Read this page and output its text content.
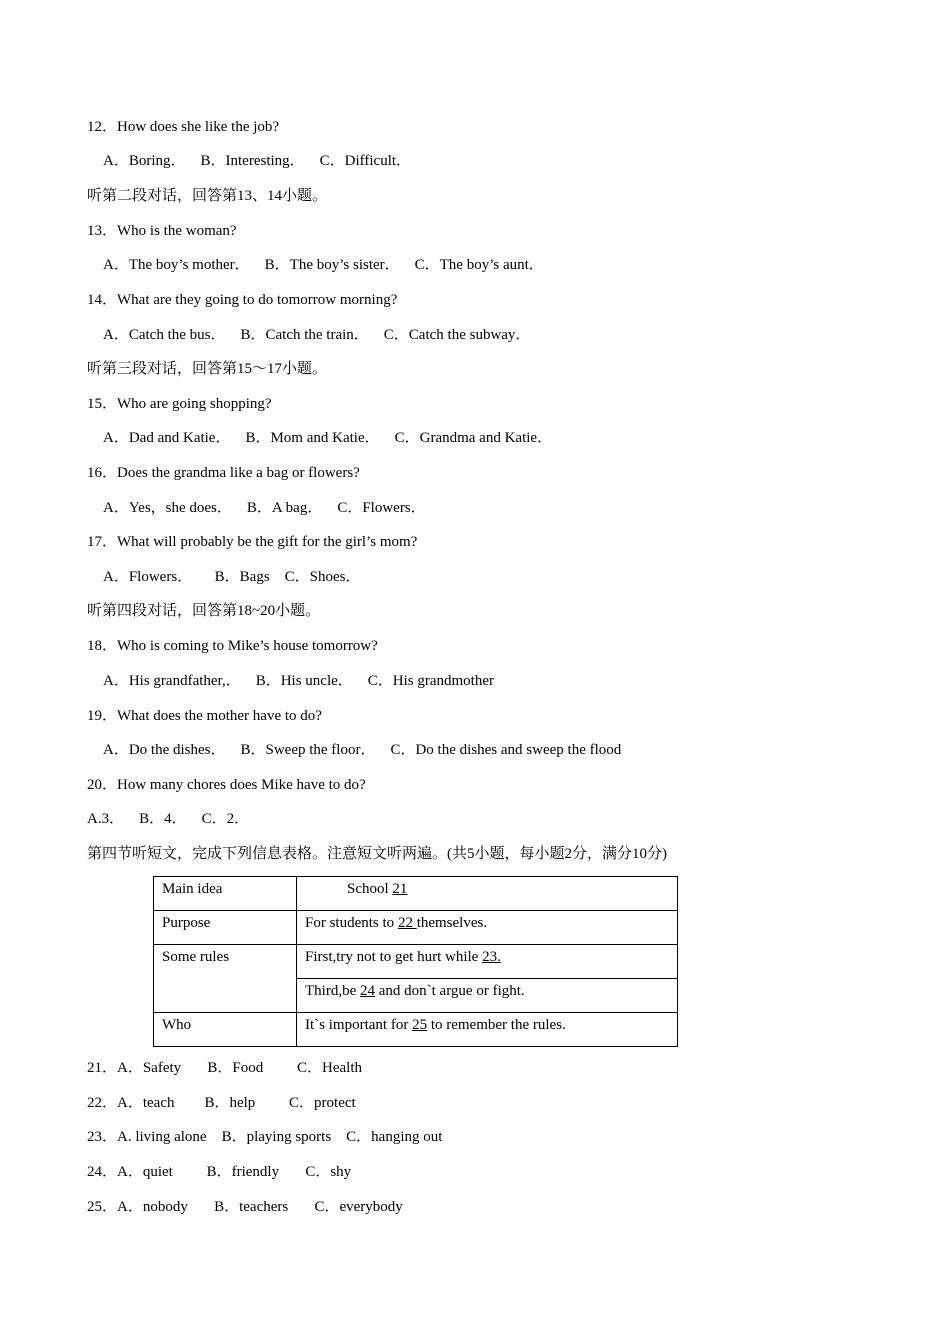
12．How does she like the job?
A．Boring．    B．Interesting．    C．Difficult．
听第二段对话，回答第13、14小题。
13．Who is the woman?
A．The boy’s mother．    B．The boy’s sister．    C．The boy’s aunt．
14．What are they going to do tomorrow morning?
A．Catch the bus．    B．Catch the train．    C．Catch the subway．
听第三段对话，回答第15～17小题。
15．Who are going shopping?
A．Dad and Katie．    B．Mom and Katie．    C．Grandma and Katie．
16．Does the grandma like a bag or flowers?
A．Yes，she does．    B．A bag．    C．Flowers．
17．What will probably be the gift for the girl’s mom?
A．Flowers．      B．Bags    C．Shoes．
听第四段对话，回答第18~20小题。
18．Who is coming to Mike’s house tomorrow?
A．His grandfather,．    B．His uncle．    C．His grandmother
19．What does the mother have to do?
A．Do the dishes．    B．Sweep the floor．    C．Do the dishes and sweep the flood
20．How many chores does Mike have to do?
A.3．    B．4．    C．2．
第四节听短文，完成下列信息表格。注意短文听两遍。(共5小题，每小题2分，满分10分)
Main idea	School 21
Purpose	For students to 22 themselves.
Some rules	First,try not to get hurt while 23.
	Third,be 24 and don`t argue or fight.
Who	It`s important for 25 to remember the rules.
21．A．Safety       B．Food         C．Health
22．A．teach        B．help         C．protect
23．A. living alone    B．playing sports    C．hanging out
24．A．quiet         B．friendly       C．shy
25．A．nobody       B．teachers       C．everybody
